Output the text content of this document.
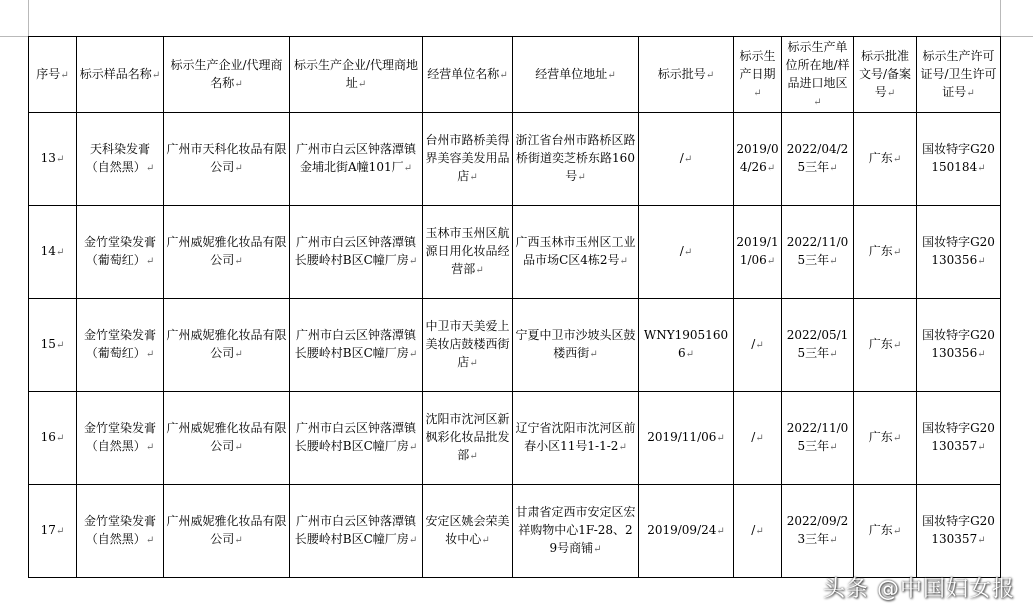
序号↵	标示样品名称↵	标示生产企业/代理商名称↵	标示生产企业/代理商地址↵	经营单位名称↵	经营单位地址↵	标示批号↵	标示生产日期↵	标示生产单位所在地/样品进口地区↵	标示批准文号/备案号↵	标示生产许可证号/卫生许可证号↵
13↵	天科染发膏（自然黑）↵	广州市天科化妆品有限公司↵	广州市白云区钟落潭镇金埔北街A幢101厂↵	台州市路桥美得界美容美发用品店↵	浙江省台州市路桥区路桥街道奕芝桥东路160号↵	/↵	2019/04/26↵	2022/04/25三年↵	广东↵	国妆特字G20150184↵
14↵	金竹堂染发膏（葡萄红）↵	广州威妮雅化妆品有限公司↵	广州市白云区钟落潭镇长腰岭村B区C幢厂房↵	玉林市玉州区航源日用化妆品经营部↵	广西玉林市玉州区工业品市场C区4栋2号↵	/↵	2019/11/06↵	2022/11/05三年↵	广东↵	国妆特字G20130356↵
15↵	金竹堂染发膏（葡萄红）↵	广州威妮雅化妆品有限公司↵	广州市白云区钟落潭镇长腰岭村B区C幢厂房↵	中卫市天美爱上美妆店鼓楼西街店↵	宁夏中卫市沙坡头区鼓楼西街↵	WNY19051606↵	/↵	2022/05/15三年↵	广东↵	国妆特字G20130356↵
16↵	金竹堂染发膏（自然黑）↵	广州威妮雅化妆品有限公司↵	广州市白云区钟落潭镇长腰岭村B区C幢厂房↵	沈阳市沈河区新枫彩化妆品批发部↵	辽宁省沈阳市沈河区前春小区11号1-1-2↵	2019/11/06↵	/↵	2022/11/05三年↵	广东↵	国妆特字G20130357↵
17↵	金竹堂染发膏（自然黑）↵	广州威妮雅化妆品有限公司↵	广州市白云区钟落潭镇长腰岭村B区C幢厂房↵	安定区姚会荣美妆中心↵	甘肃省定西市安定区宏祥购物中心1F-28、29号商铺↵	2019/09/24↵	/↵	2022/09/23三年↵	广东↵	国妆特字G20130357↵
头条 @中国妇女报
